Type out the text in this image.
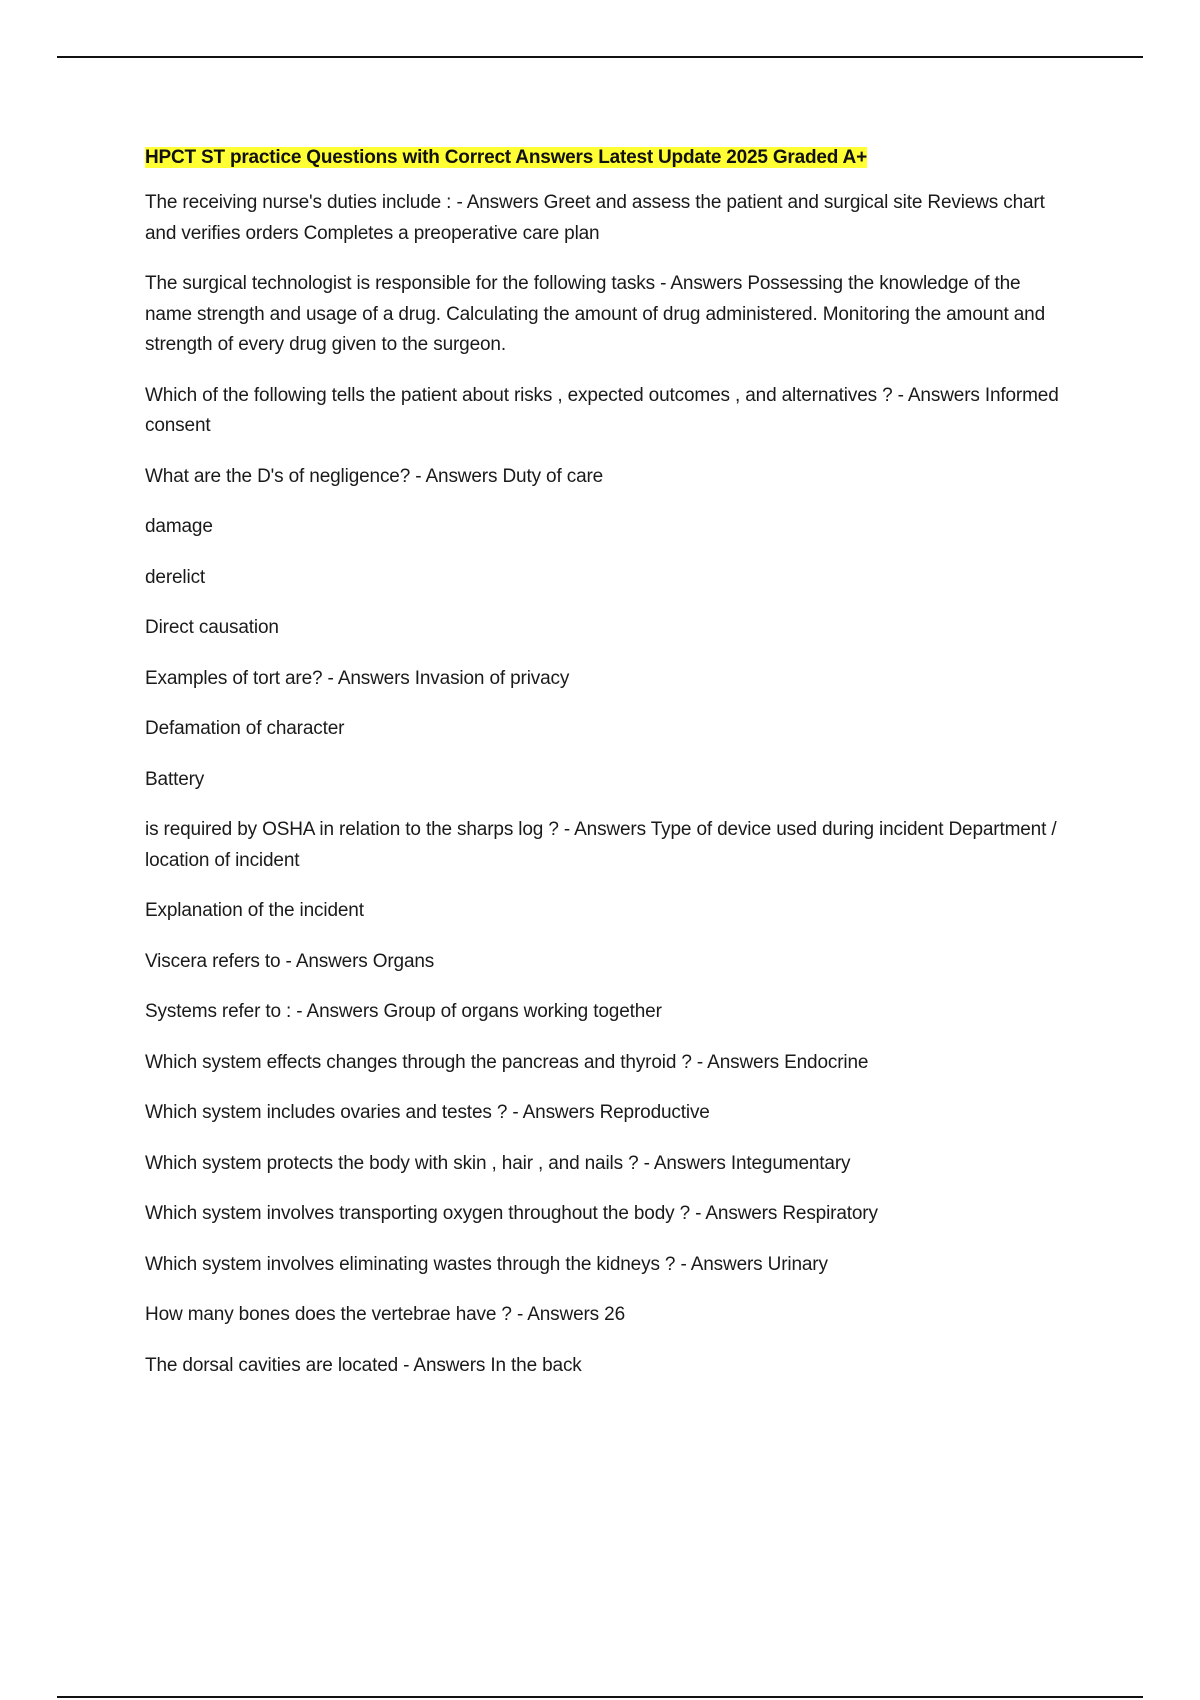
HPCT ST practice Questions with Correct Answers Latest Update 2025 Graded A+

The receiving nurse's duties include : - Answers Greet and assess the patient and surgical site Reviews chart and verifies orders Completes a preoperative care plan

The surgical technologist is responsible for the following tasks - Answers Possessing the knowledge of the name strength and usage of a drug. Calculating the amount of drug administered. Monitoring the amount and strength of every drug given to the surgeon.

Which of the following tells the patient about risks , expected outcomes , and alternatives ? - Answers Informed consent

What are the D's of negligence? - Answers Duty of care

damage

derelict

Direct causation

Examples of tort are? - Answers Invasion of privacy

Defamation of character

Battery

is required by OSHA in relation to the sharps log ? - Answers Type of device used during incident Department / location of incident

Explanation of the incident

Viscera refers to - Answers Organs

Systems refer to : - Answers Group of organs working together

Which system effects changes through the pancreas and thyroid ? - Answers Endocrine

Which system includes ovaries and testes ? - Answers Reproductive

Which system protects the body with skin , hair , and nails ? - Answers Integumentary

Which system involves transporting oxygen throughout the body ? - Answers Respiratory

Which system involves eliminating wastes through the kidneys ? - Answers Urinary

How many bones does the vertebrae have ? - Answers 26

The dorsal cavities are located - Answers In the back
